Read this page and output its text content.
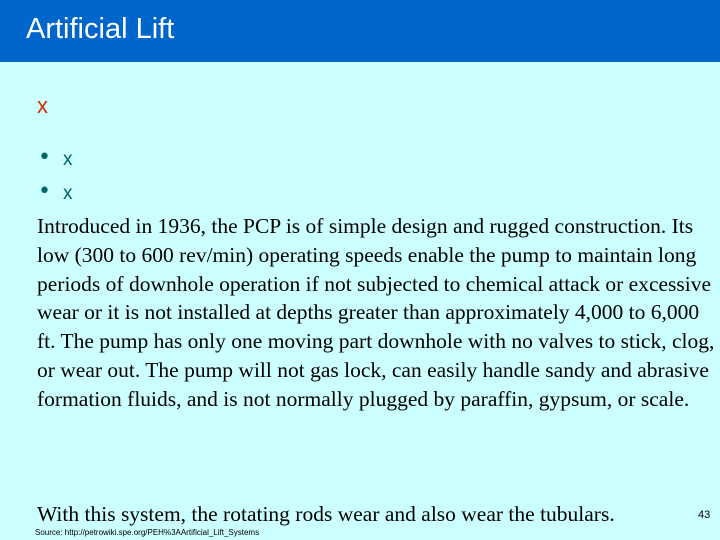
Artificial Lift
x
• x
• x

Introduced in 1936, the PCP is of simple design and rugged construction. Its low (300 to 600 rev/min) operating speeds enable the pump to maintain long periods of downhole operation if not subjected to chemical attack or excessive wear or it is not installed at depths greater than approximately 4,000 to 6,000 ft. The pump has only one moving part downhole with no valves to stick, clog, or wear out. The pump will not gas lock, can easily handle sandy and abrasive formation fluids, and is not normally plugged by paraffin, gypsum, or scale.

With this system, the rotating rods wear and also wear the tubulars.	43
Source: http://petrowiki.spe.org/PEH%3AArtificial_Lift_Systems
